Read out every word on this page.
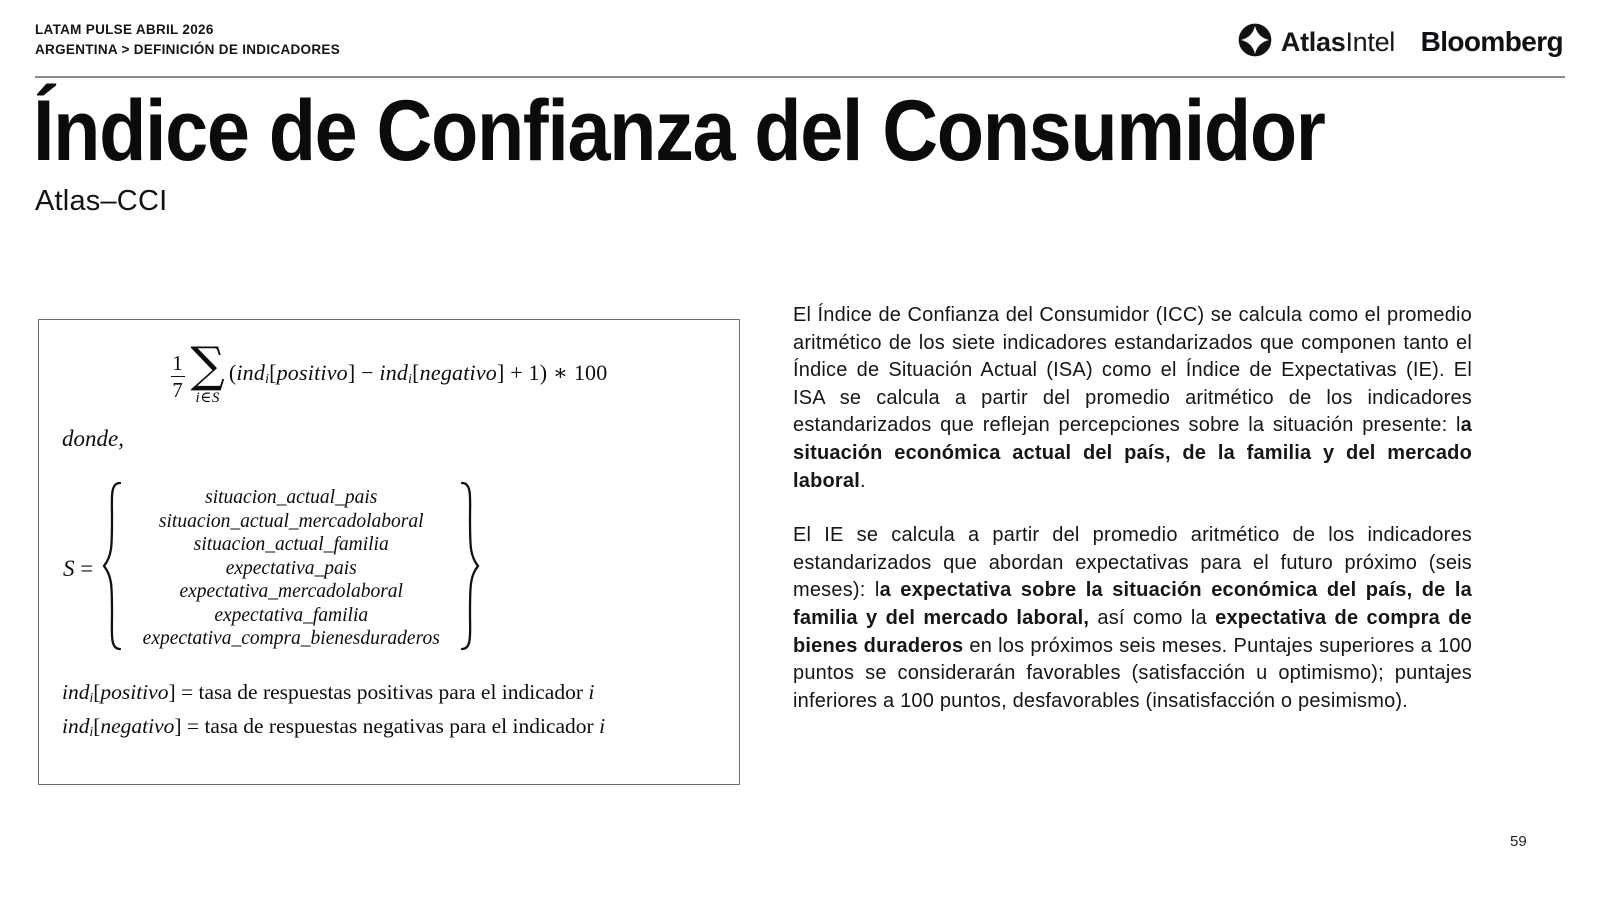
LATAM PULSE ABRIL 2026
ARGENTINA > DEFINICIÓN DE INDICADORES	Atlas Intel Bloomberg
Índice de Confianza del Consumidor
Atlas–CCI
$\frac{1}{7}$ ∑
i∈S
(ind$_i$[positivo] − ind$_i$[negativo] + 1) ∗ 100
donde,
S =
situacion_actual_pais
situacion_actual_mercadolaboral
situacion_actual_familia
expectativa_pais
expectativa_mercadolaboral
expectativa_familia
expectativa_compra_bienesduraderos
ind$_i$[positivo] = tasa de respuestas positivas para el indicador i
ind$_i$[negativo] = tasa de respuestas negativas para el indicador i

El Índice de Confianza del Consumidor (ICC) se calcula como el promedio aritmético de los siete indicadores estandarizados que componen tanto el Índice de Situación Actual (ISA) como el Índice de Expectativas (IE). El ISA se calcula a partir del promedio aritmético de los indicadores estandarizados que reflejan percepciones sobre la situación presente: la situación económica actual del país, de la familia y del mercado laboral.

El IE se calcula a partir del promedio aritmético de los indicadores estandarizados que abordan expectativas para el futuro próximo (seis meses): la expectativa sobre la situación económica del país, de la familia y del mercado laboral, así como la expectativa de compra de bienes duraderos en los próximos seis meses. Puntajes superiores a 100 puntos se considerarán favorables (satisfacción u optimismo); puntajes inferiores a 100 puntos, desfavorables (insatisfacción o pesimismo).

59
